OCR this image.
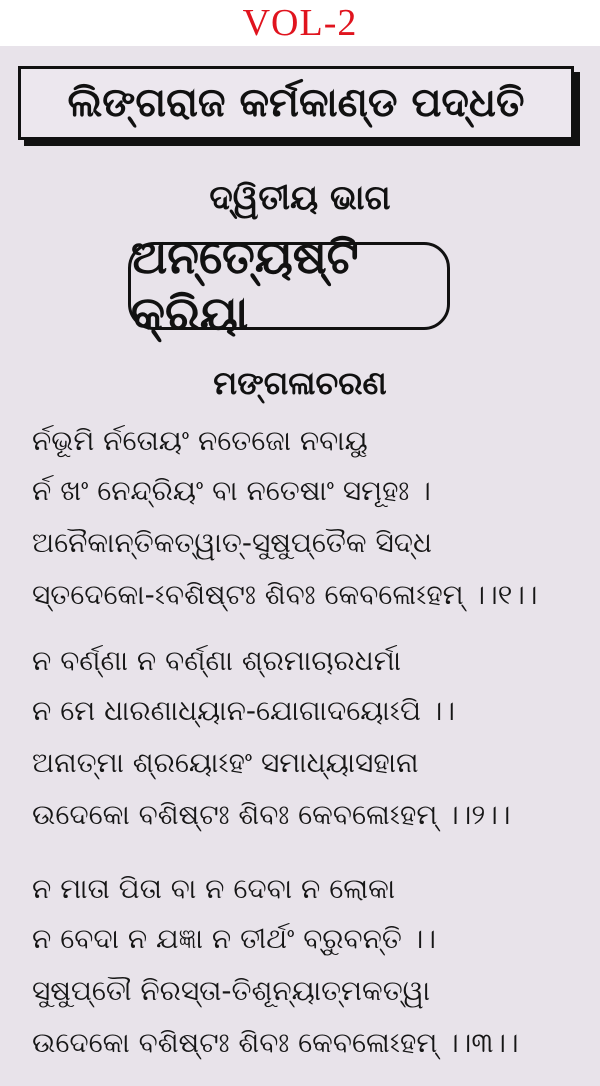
VOL-2
ଲିଙ୍ଗରାଜ କର୍ମକାଣ୍ଡ ପଦ୍ଧତି
ଦ୍ୱିତୀୟ ଭାଗ
ଅନ୍ତ୍ୟେଷ୍ଟି କ୍ରିୟା
ମଙ୍ଗଳାଚରଣ
ର୍ନଭୂମି ର୍ନତୋୟଂ ନତେଜୋ ନବାୟୁ
ର୍ନ ଖଂ ନେନ୍ଦ୍ରିୟଂ ବା ନତେଷାଂ ସମୂହଃ ।
ଅନୈକାନ୍ତିକତ୍ୱାତ୍-ସୁଷୁପ୍ତୈକ ସିଦ୍ଧ
ସ୍ତଦେକୋ-ଽବଶିଷ୍ଟଃ ଶିବଃ କେବଳୋଽହମ୍ ।।୧।।
ନ ବର୍ଣ୍ଣା ନ ବର୍ଣ୍ଣା ଶ୍ରମାଚାରଧର୍ମା
ନ ମେ ଧାରଣାଧ୍ୟାନ-ଯୋଗାଦୟୋଽପି ।।
ଅନାତ୍ମା ଶ୍ରୟୋଽହଂ ସମାଧ୍ୟାସହାନା
ଉଦେକୋ ବଶିଷ୍ଟଃ ଶିବଃ କେବଳୋଽହମ୍ ।।୨।।
ନ ମାତା ପିତା ବା ନ ଦେବା ନ ଲୋକା
ନ ବେଦା ନ ଯଜ୍ଞା ନ ତୀର୍ଥଂ ବ୍ରୁବନ୍ତି ।।
ସୁଷୁପ୍ତୌ ନିରସ୍ତା-ତିଶୂନ୍ୟାତ୍ମକତ୍ୱା
ଉଦେକୋ ବଶିଷ୍ଟଃ ଶିବଃ କେବଳୋଽହମ୍ ।।୩।।
